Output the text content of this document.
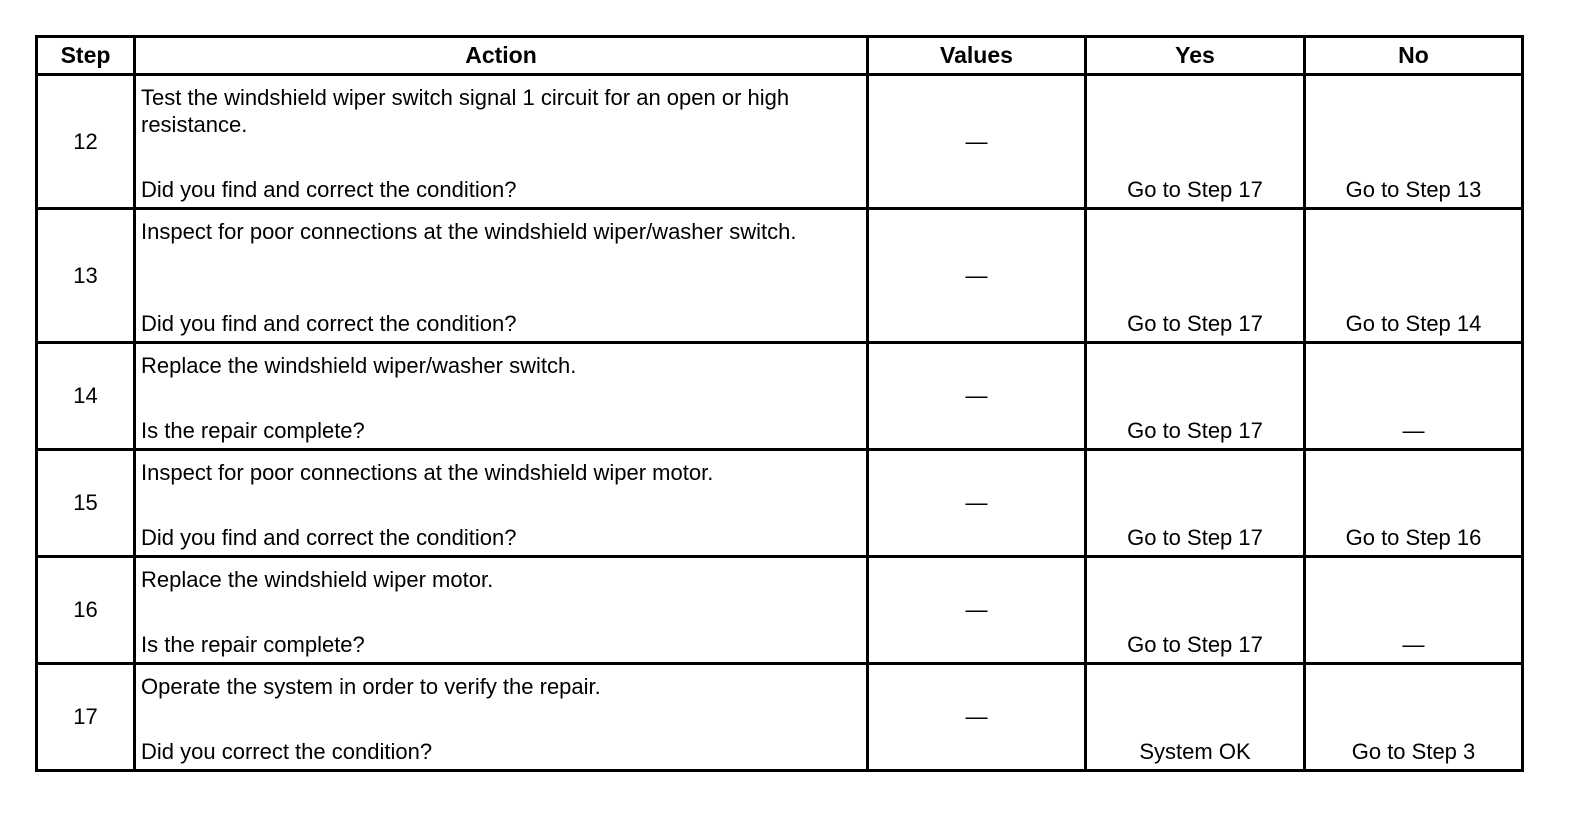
Step	Action	Values	Yes	No
12	Test the windshield wiper switch signal 1 circuit for an open or high resistance.
Did you find and correct the condition?	—	Go to Step 17	Go to Step 13

13	Inspect for poor connections at the windshield wiper/washer switch.
Did you find and correct the condition?	—	Go to Step 17	Go to Step 14

14	Replace the windshield wiper/washer switch.
Is the repair complete?	—	Go to Step 17	—

15	Inspect for poor connections at the windshield wiper motor.
Did you find and correct the condition?	—	Go to Step 17	Go to Step 16

16	Replace the windshield wiper motor.
Is the repair complete?	—	Go to Step 17	—

17	Operate the system in order to verify the repair.
Did you correct the condition?	—	System OK	Go to Step 3
